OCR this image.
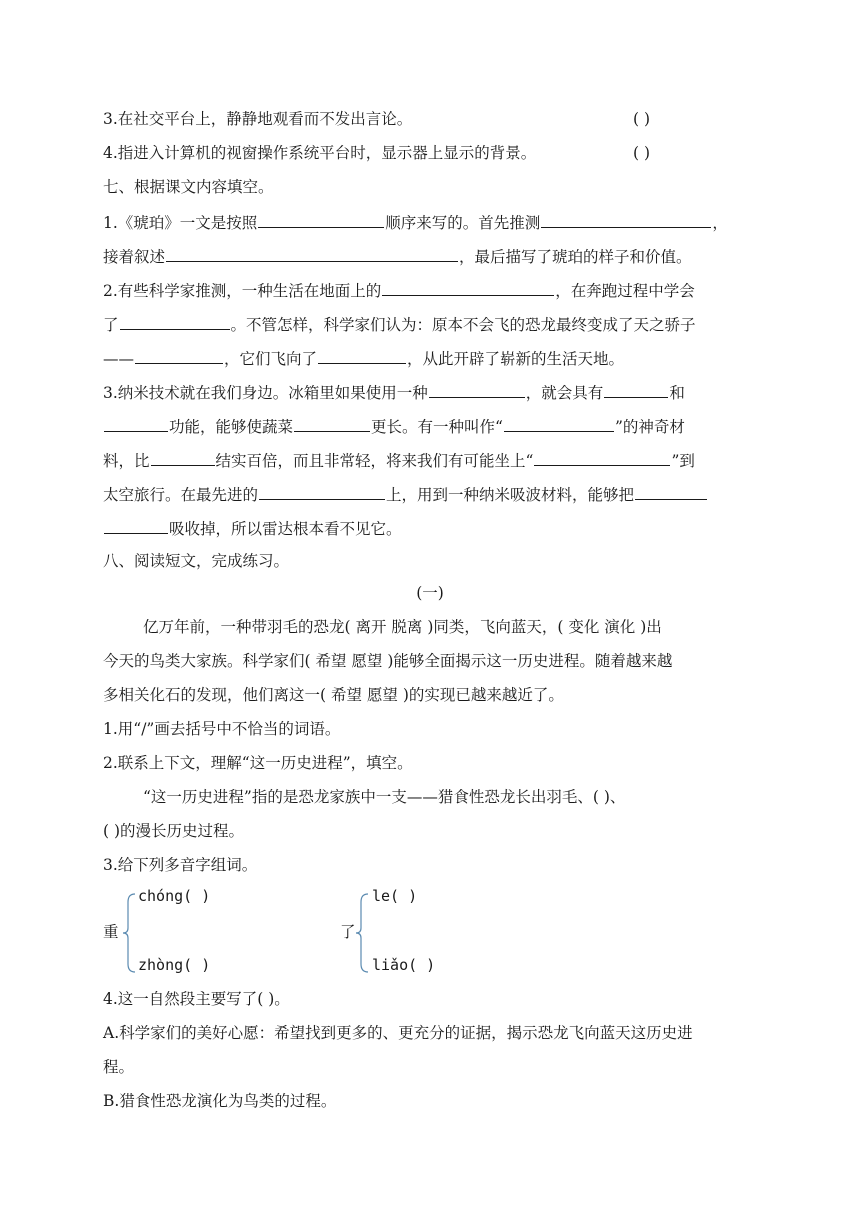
3.在社交平台上，静静地观看而不发出言论。	( )
4.指进入计算机的视窗操作系统平台时，显示器上显示的背景。	( )
七、根据课文内容填空。
1.《琥珀》一文是按照	顺序来写的。首先推测	，
接着叙述	，最后描写了琥珀的样子和价值。
2.有些科学家推测，一种生活在地面上的	，在奔跑过程中学会
了	。不管怎样，科学家们认为：原本不会飞的恐龙最终变成了天之骄子
——	，它们飞向了	，从此开辟了崭新的生活天地。
3.纳米技术就在我们身边。冰箱里如果使用一种	，就会具有	和
功能，能够使蔬菜	更长。有一种叫作“	”的神奇材
料，比	结实百倍，而且非常轻，将来我们有可能坐上“	”到
太空旅行。在最先进的	上，用到一种纳米吸波材料，能够把
吸收掉，所以雷达根本看不见它。
八、阅读短文，完成练习。
(一)
亿万年前，一种带羽毛的恐龙( 离开 脱离 )同类，飞向蓝天，( 变化 演化 )出
今天的鸟类大家族。科学家们( 希望 愿望 )能够全面揭示这一历史进程。随着越来越
多相关化石的发现，他们离这一( 希望 愿望 )的实现已越来越近了。
1.用“/”画去括号中不恰当的词语。
2.联系上下文，理解“这一历史进程”，填空。
“这一历史进程”指的是恐龙家族中一支——猎食性恐龙长出羽毛、( )、
( )的漫长历史过程。
3.给下列多音字组词。
重
chóng( )
zhòng( )
了
le( )
liǎo( )
4.这一自然段主要写了( )。
A.科学家们的美好心愿：希望找到更多的、更充分的证据，揭示恐龙飞向蓝天这历史进
程。
B.猎食性恐龙演化为鸟类的过程。
